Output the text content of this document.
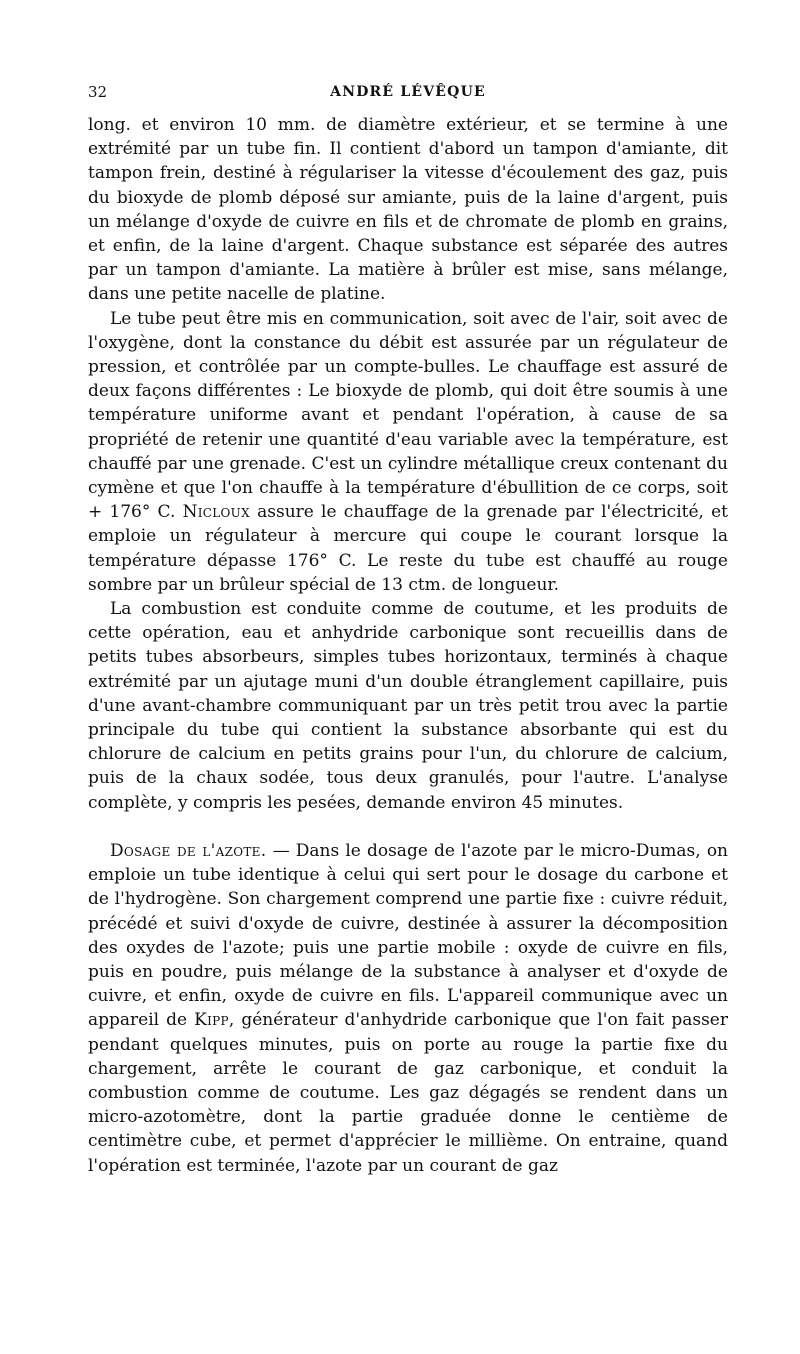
32	ANDRÉ LÉVÊQUE

long. et environ 10 mm. de diamètre extérieur, et se termine à une extrémité par un tube fin. Il contient d'abord un tampon d'amiante, dit tampon frein, destiné à régulariser la vitesse d'écoulement des gaz, puis du bioxyde de plomb déposé sur amiante, puis de la laine d'argent, puis un mélange d'oxyde de cuivre en fils et de chromate de plomb en grains, et enfin, de la laine d'argent. Chaque substance est séparée des autres par un tampon d'amiante. La matière à brûler est mise, sans mélange, dans une petite nacelle de platine.

Le tube peut être mis en communication, soit avec de l'air, soit avec de l'oxygène, dont la constance du débit est assurée par un régulateur de pression, et contrôlée par un compte-bulles. Le chauffage est assuré de deux façons différentes : Le bioxyde de plomb, qui doit être soumis à une température uniforme avant et pendant l'opération, à cause de sa propriété de retenir une quantité d'eau variable avec la température, est chauffé par une grenade. C'est un cylindre métallique creux contenant du cymène et que l'on chauffe à la température d'ébullition de ce corps, soit + 176° C. Nicloux assure le chauffage de la grenade par l'électricité, et emploie un régulateur à mercure qui coupe le courant lorsque la température dépasse 176° C. Le reste du tube est chauffé au rouge sombre par un brûleur spécial de 13 ctm. de longueur.

La combustion est conduite comme de coutume, et les produits de cette opération, eau et anhydride carbonique sont recueillis dans de petits tubes absorbeurs, simples tubes horizontaux, terminés à chaque extrémité par un ajutage muni d'un double étranglement capillaire, puis d'une avant-chambre communiquant par un très petit trou avec la partie principale du tube qui contient la substance absorbante qui est du chlorure de calcium en petits grains pour l'un, du chlorure de calcium, puis de la chaux sodée, tous deux granulés, pour l'autre. L'analyse complète, y compris les pesées, demande environ 45 minutes.

Dosage de l'azote. — Dans le dosage de l'azote par le micro-Dumas, on emploie un tube identique à celui qui sert pour le dosage du carbone et de l'hydrogène. Son chargement comprend une partie fixe : cuivre réduit, précédé et suivi d'oxyde de cuivre, destinée à assurer la décomposition des oxydes de l'azote; puis une partie mobile : oxyde de cuivre en fils, puis en poudre, puis mélange de la substance à analyser et d'oxyde de cuivre, et enfin, oxyde de cuivre en fils. L'appareil communique avec un appareil de Kipp, générateur d'anhydride carbonique que l'on fait passer pendant quelques minutes, puis on porte au rouge la partie fixe du chargement, arrête le courant de gaz carbonique, et conduit la combustion comme de coutume. Les gaz dégagés se rendent dans un micro-azotomètre, dont la partie graduée donne le centième de centimètre cube, et permet d'apprécier le millième. On entraine, quand l'opération est terminée, l'azote par un courant de gaz
